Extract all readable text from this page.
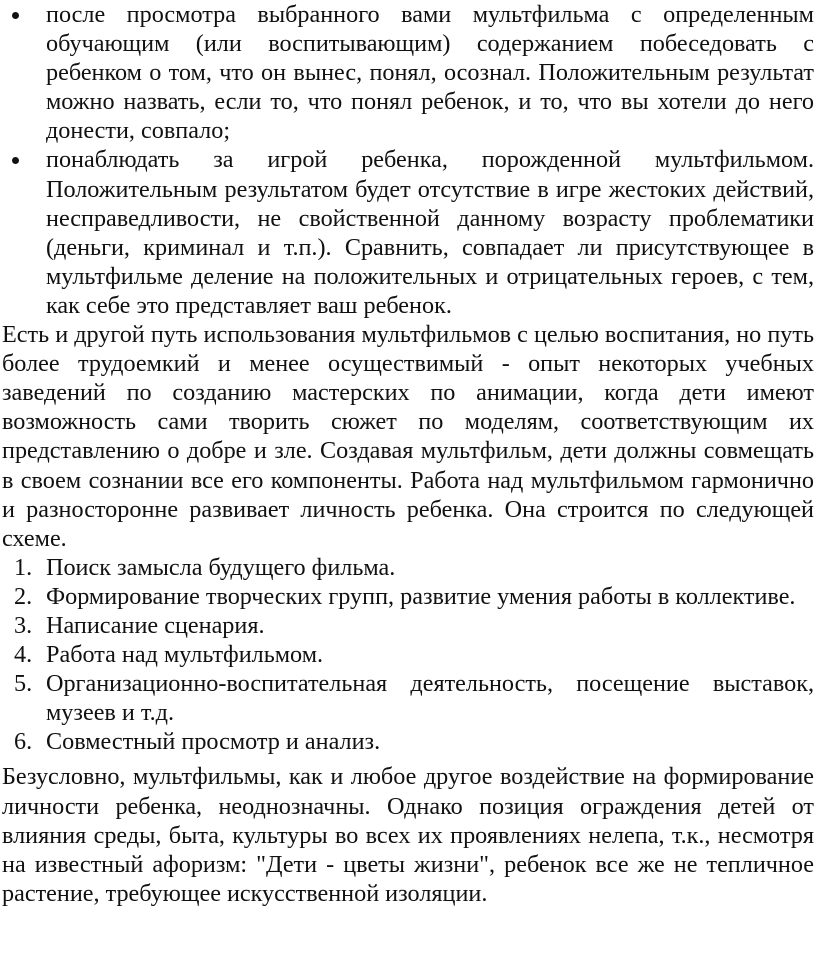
после просмотра выбранного вами мультфильма с определенным обучающим (или воспитывающим) содержанием побеседовать с ребенком о том, что он вынес, понял, осознал. Положительным результат можно назвать, если то, что понял ребенок, и то, что вы хотели до него донести, совпало;
понаблюдать за игрой ребенка, порожденной мультфильмом. Положительным результатом будет отсутствие в игре жестоких действий, несправедливости, не свойственной данному возрасту проблематики (деньги, криминал и т.п.). Сравнить, совпадает ли присутствующее в мультфильме деление на положительных и отрицательных героев, с тем, как себе это представляет ваш ребенок.

Есть и другой путь использования мультфильмов с целью воспитания, но путь более трудоемкий и менее осуществимый - опыт некоторых учебных заведений по созданию мастерских по анимации, когда дети имеют возможность сами творить сюжет по моделям, соответствующим их представлению о добре и зле. Создавая мультфильм, дети должны совмещать в своем сознании все его компоненты. Работа над мультфильмом гармонично и разносторонне развивает личность ребенка. Она строится по следующей схеме.

1. Поиск замысла будущего фильма.
2. Формирование творческих групп, развитие умения работы в коллективе.
3. Написание сценария.
4. Работа над мультфильмом.
5. Организационно-воспитательная деятельность, посещение выставок, музеев и т.д.
6. Совместный просмотр и анализ.

Безусловно, мультфильмы, как и любое другое воздействие на формирование личности ребенка, неоднозначны. Однако позиция ограждения детей от влияния среды, быта, культуры во всех их проявлениях нелепа, т.к., несмотря на известный афоризм: "Дети - цветы жизни", ребенок все же не тепличное растение, требующее искусственной изоляции.
